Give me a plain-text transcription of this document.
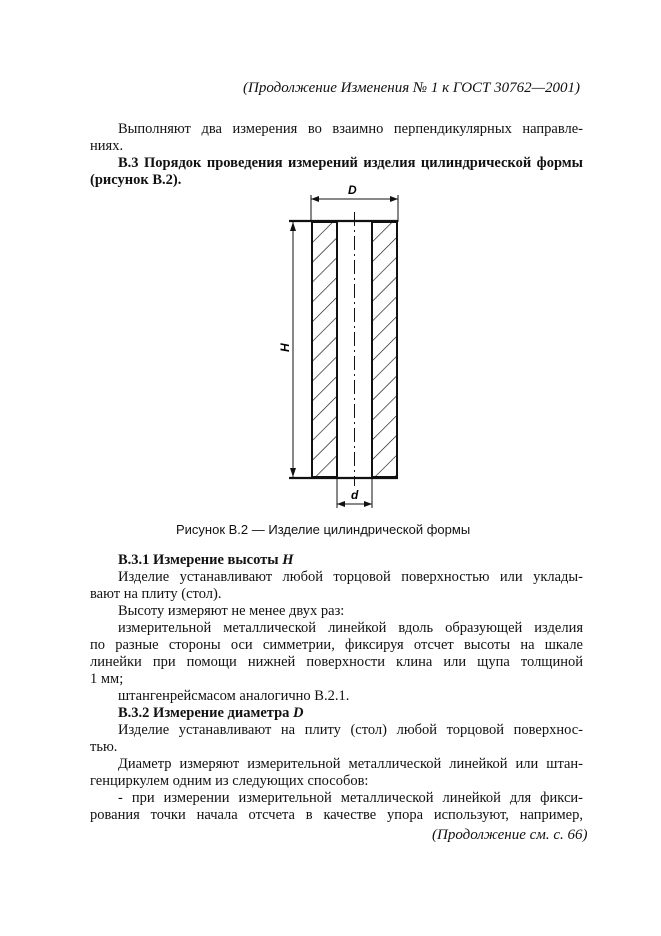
(Продолжение Изменения № 1 к ГОСТ 30762—2001)
Выполняют два измерения во взаимно перпендикулярных направле-
ниях.
В.3 Порядок проведения измерений изделия цилиндрической формы
(рисунок В.2).
D
d
H
Рисунок В.2 — Изделие цилиндрической формы
В.3.1 Измерение высоты H
Изделие устанавливают любой торцовой поверхностью или уклады-
вают на плиту (стол).
Высоту измеряют не менее двух раз:
измерительной металлической линейкой вдоль образующей изделия
по разные стороны оси симметрии, фиксируя отсчет высоты на шкале
линейки при помощи нижней поверхности клина или щупа толщиной
1 мм;
штангенрейсмасом аналогично В.2.1.
В.3.2 Измерение диаметра D
Изделие устанавливают на плиту (стол) любой торцовой поверхнос-
тью.
Диаметр измеряют измерительной металлической линейкой или штан-
генциркулем одним из следующих способов:
- при измерении измерительной металлической линейкой для фикси-
рования точки начала отсчета в качестве упора используют, например,
(Продолжение см. с. 66)
